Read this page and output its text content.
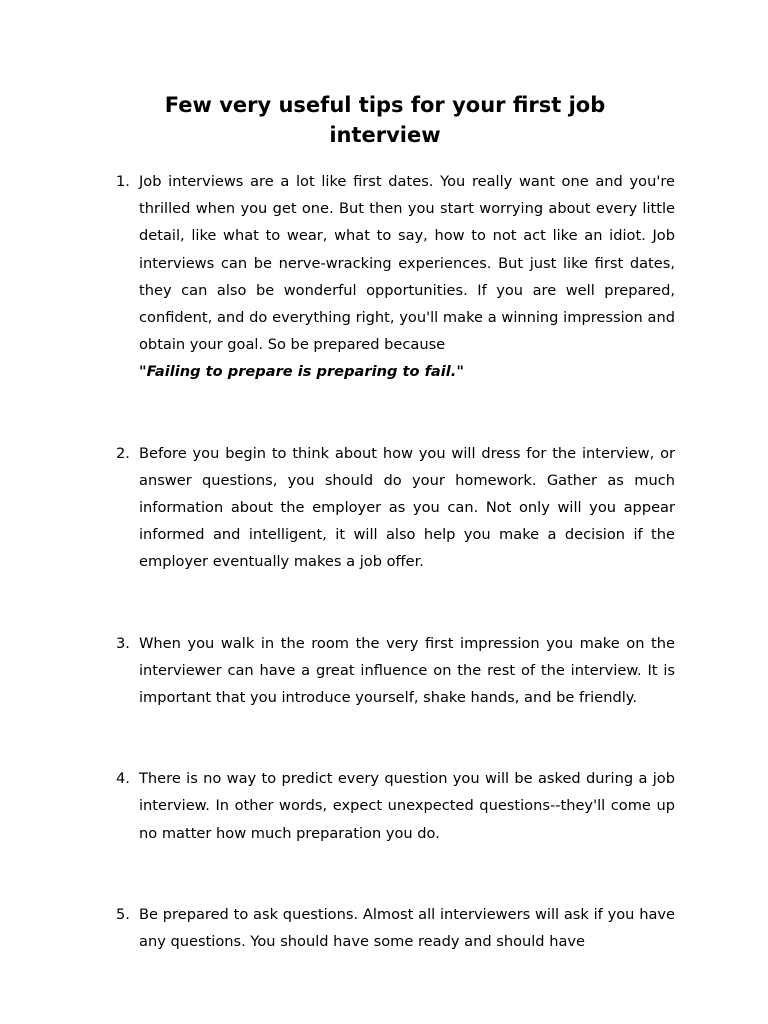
Few very useful tips for your first job interview
1. Job interviews are a lot like first dates. You really want one and you're thrilled when you get one. But then you start worrying about every little detail, like what to wear, what to say, how to not act like an idiot. Job interviews can be nerve-wracking experiences. But just like first dates, they can also be wonderful opportunities. If you are well prepared, confident, and do everything right, you'll make a winning impression and obtain your goal. So be prepared because
"Failing to prepare is preparing to fail."
2. Before you begin to think about how you will dress for the interview, or answer questions, you should do your homework. Gather as much information about the employer as you can. Not only will you appear informed and intelligent, it will also help you make a decision if the employer eventually makes a job offer.
3. When you walk in the room the very first impression you make on the interviewer can have a great influence on the rest of the interview. It is important that you introduce yourself, shake hands, and be friendly.
4. There is no way to predict every question you will be asked during a job interview. In other words, expect unexpected questions--they'll come up no matter how much preparation you do.
5. Be prepared to ask questions. Almost all interviewers will ask if you have any questions. You should have some ready and should have
